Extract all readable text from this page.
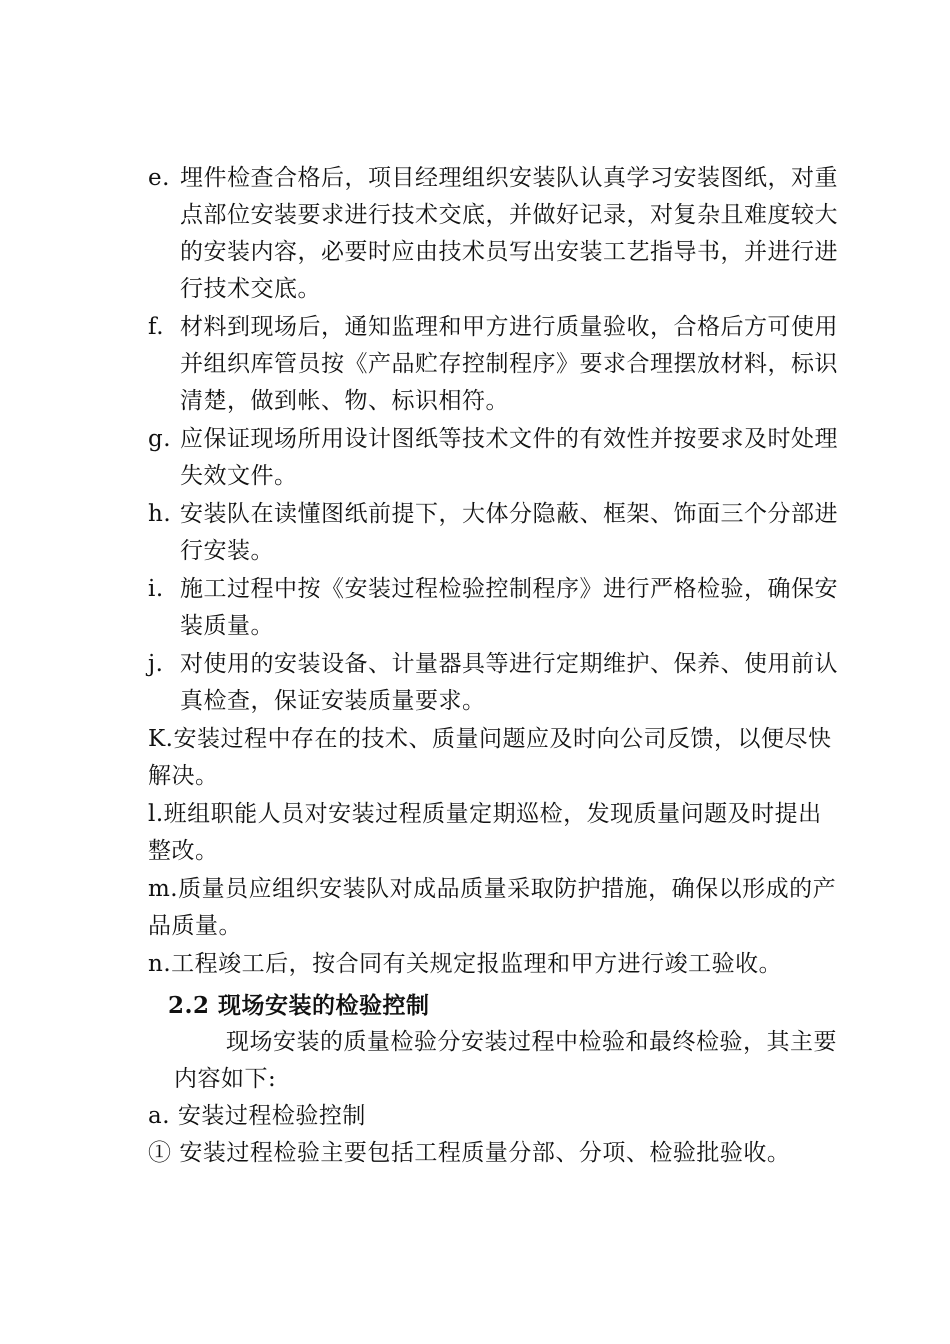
e. 埋件检查合格后，项目经理组织安装队认真学习安装图纸，对重点部位安装要求进行技术交底，并做好记录，对复杂且难度较大的安装内容，必要时应由技术员写出安装工艺指导书，并进行进行技术交底。
f. 材料到现场后，通知监理和甲方进行质量验收，合格后方可使用并组织库管员按《产品贮存控制程序》要求合理摆放材料，标识清楚，做到帐、物、标识相符。
g. 应保证现场所用设计图纸等技术文件的有效性并按要求及时处理失效文件。
h. 安装队在读懂图纸前提下，大体分隐蔽、框架、饰面三个分部进行安装。
i. 施工过程中按《安装过程检验控制程序》进行严格检验，确保安装质量。
j. 对使用的安装设备、计量器具等进行定期维护、保养、使用前认真检查，保证安装质量要求。
K.安装过程中存在的技术、质量问题应及时向公司反馈，以便尽快解决。
l.班组职能人员对安装过程质量定期巡检，发现质量问题及时提出整改。
m.质量员应组织安装队对成品质量采取防护措施，确保以形成的产品质量。
n.工程竣工后，按合同有关规定报监理和甲方进行竣工验收。
2.2 现场安装的检验控制
现场安装的质量检验分安装过程中检验和最终检验，其主要内容如下:
a. 安装过程检验控制
① 安装过程检验主要包括工程质量分部、分项、检验批验收。
